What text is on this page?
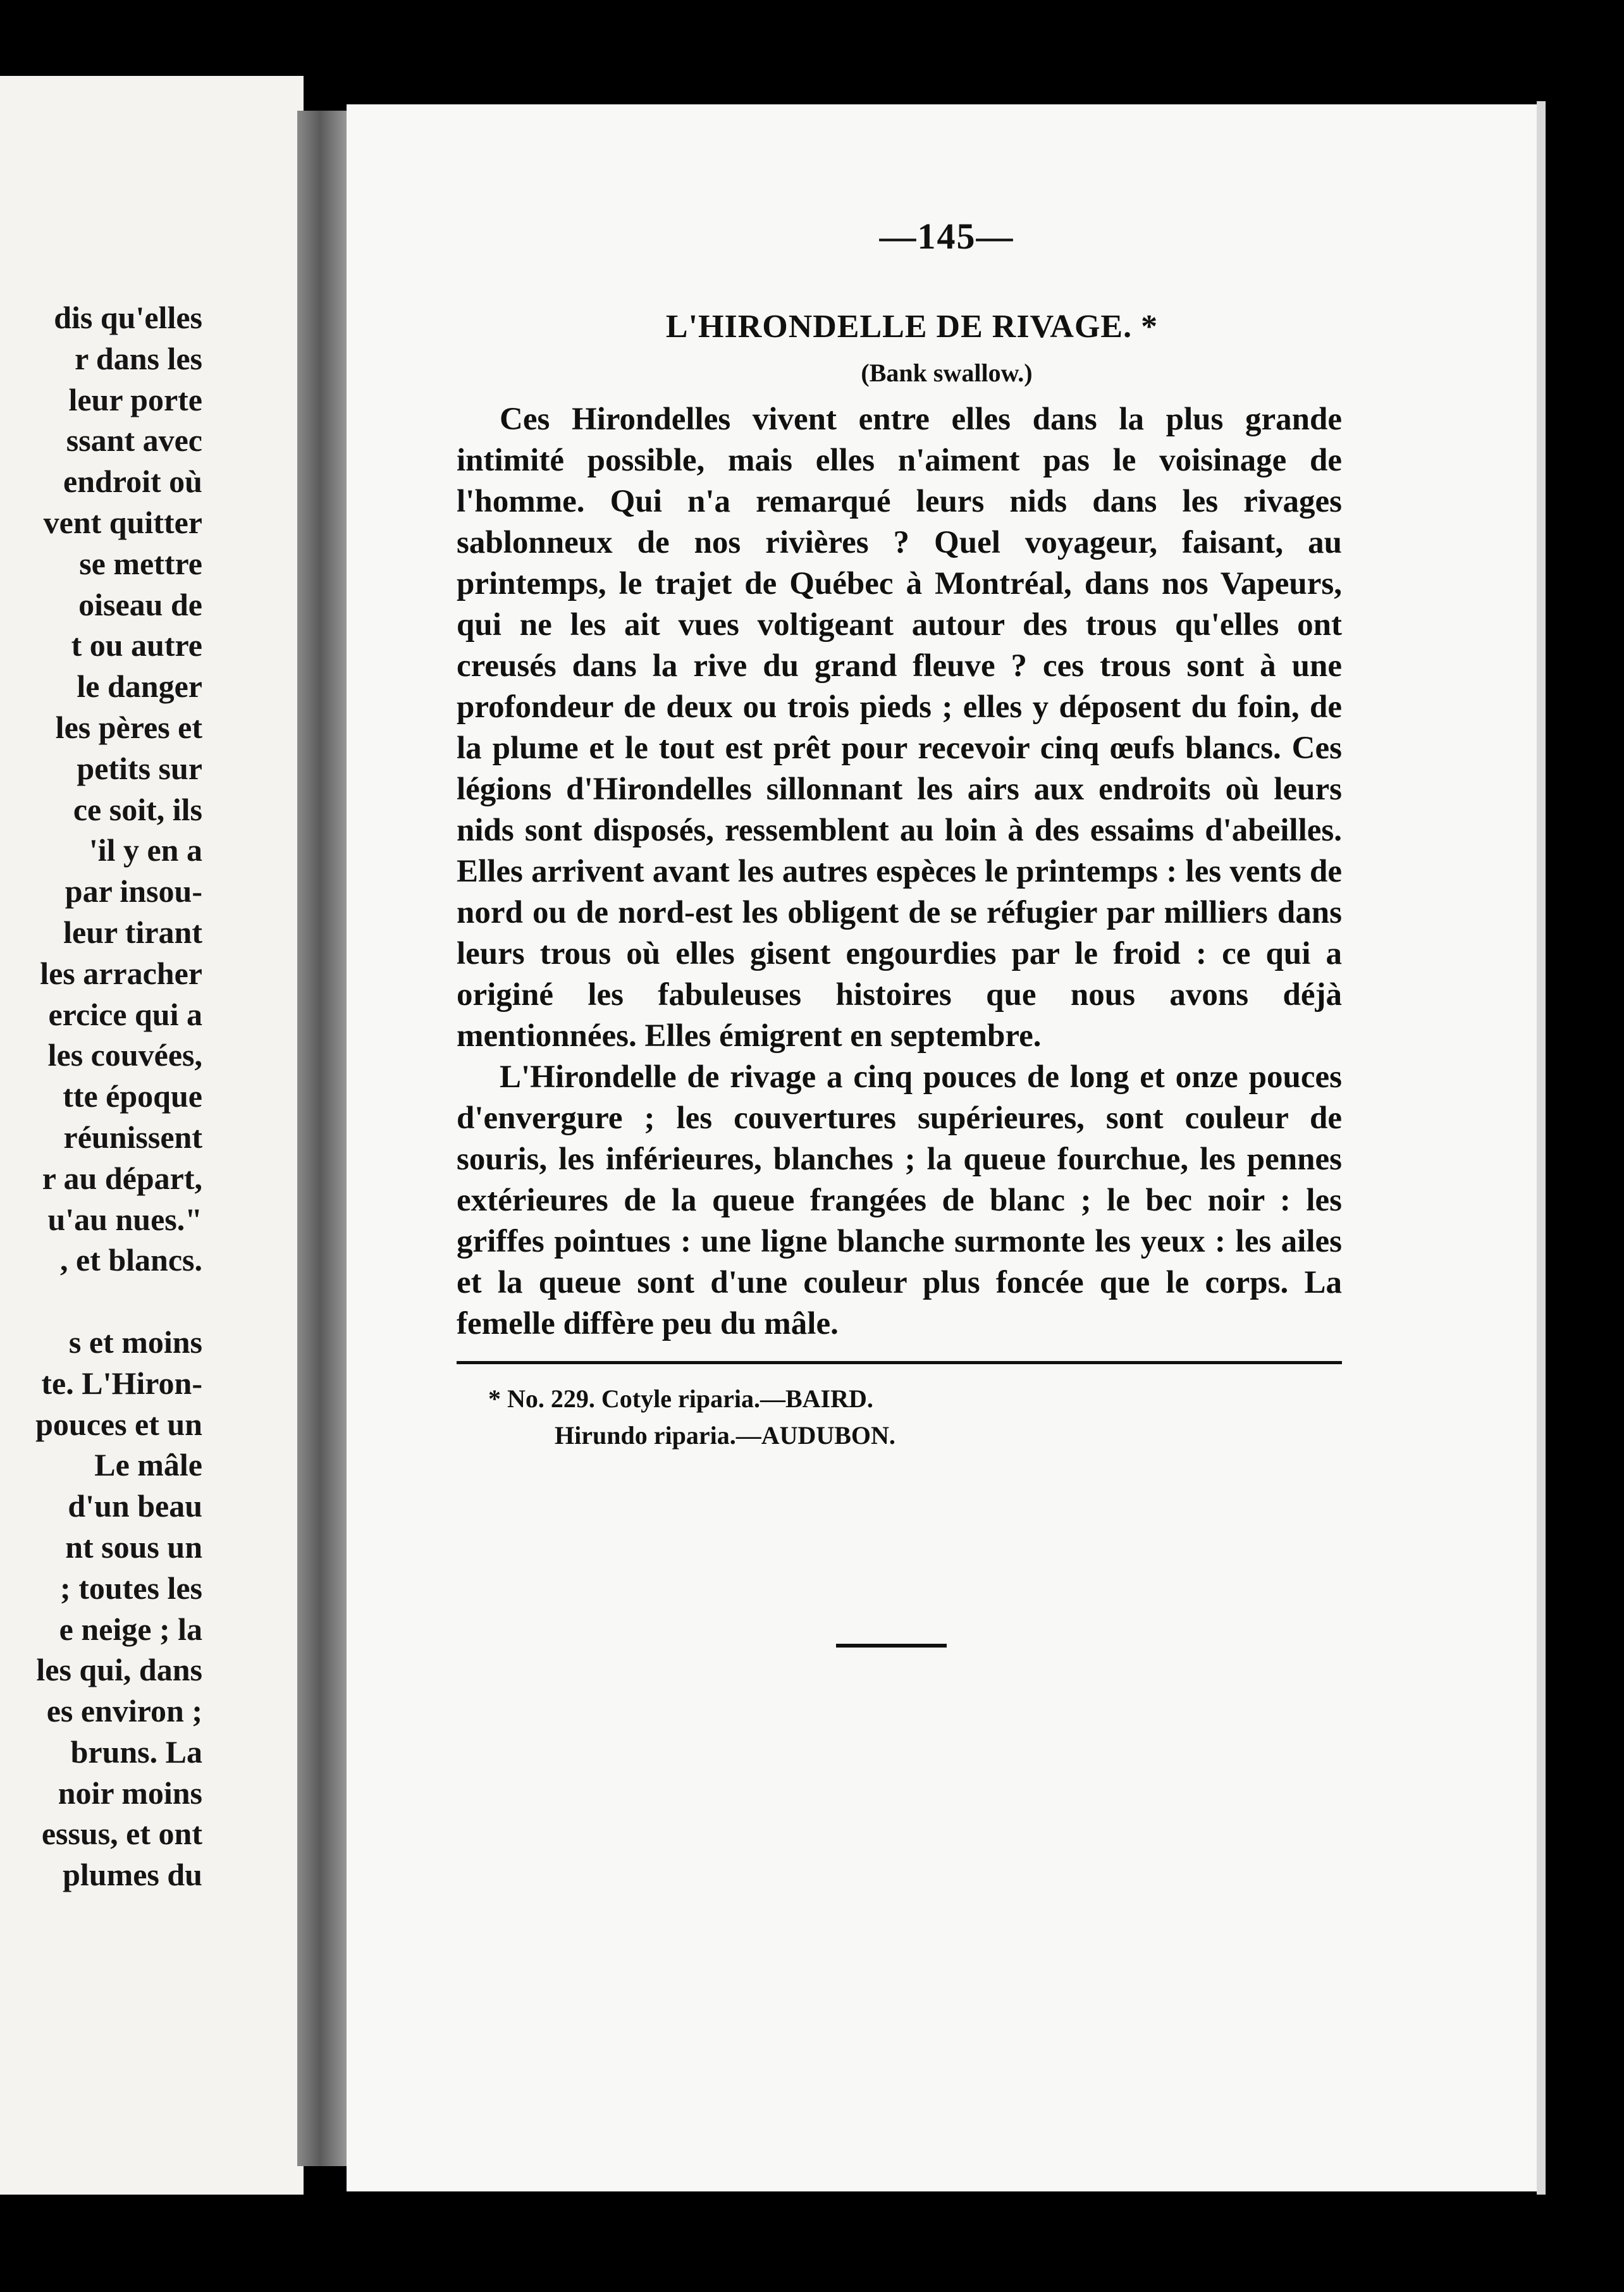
dis qu'elles
r dans les
leur porte
ssant avec
endroit où
vent quitter
se mettre
oiseau de
t ou autre
le danger
les pères et
petits sur
ce soit, ils
'il y en a
par insou-
leur tirant
les arracher
ercice qui a
les couvées,
tte époque
réunissent
r au départ,
u'au nues."
, et blancs.

s et moins
te. L'Hiron-
pouces et un
Le mâle
d'un beau
nt sous un
; toutes les
e neige ; la
les qui, dans
es environ ;
bruns. La
noir moins
essus, et ont
plumes du
—145—
L'HIRONDELLE DE RIVAGE. *
(Bank swallow.)

Ces Hirondelles vivent entre elles dans la plus grande intimité possible, mais elles n'aiment pas le voisinage de l'homme. Qui n'a remarqué leurs nids dans les rivages sablonneux de nos rivières ? Quel voyageur, faisant, au printemps, le trajet de Québec à Montréal, dans nos Vapeurs, qui ne les ait vues voltigeant autour des trous qu'elles ont creusés dans la rive du grand fleuve ? ces trous sont à une profondeur de deux ou trois pieds ; elles y déposent du foin, de la plume et le tout est prêt pour recevoir cinq œufs blancs. Ces légions d'Hirondelles sillonnant les airs aux endroits où leurs nids sont disposés, ressemblent au loin à des essaims d'abeilles. Elles arrivent avant les autres espèces le printemps : les vents de nord ou de nord-est les obligent de se réfugier par milliers dans leurs trous où elles gisent engourdies par le froid : ce qui a originé les fabuleuses histoires que nous avons déjà mentionnées. Elles émigrent en septembre.

L'Hirondelle de rivage a cinq pouces de long et onze pouces d'envergure ; les couvertures supérieures, sont couleur de souris, les inférieures, blanches ; la queue fourchue, les pennes extérieures de la queue frangées de blanc ; le bec noir : les griffes pointues : une ligne blanche surmonte les yeux : les ailes et la queue sont d'une couleur plus foncée que le corps. La femelle diffère peu du mâle.

* No. 229. Cotyle riparia.—BAIRD.
Hirundo riparia.—AUDUBON.
